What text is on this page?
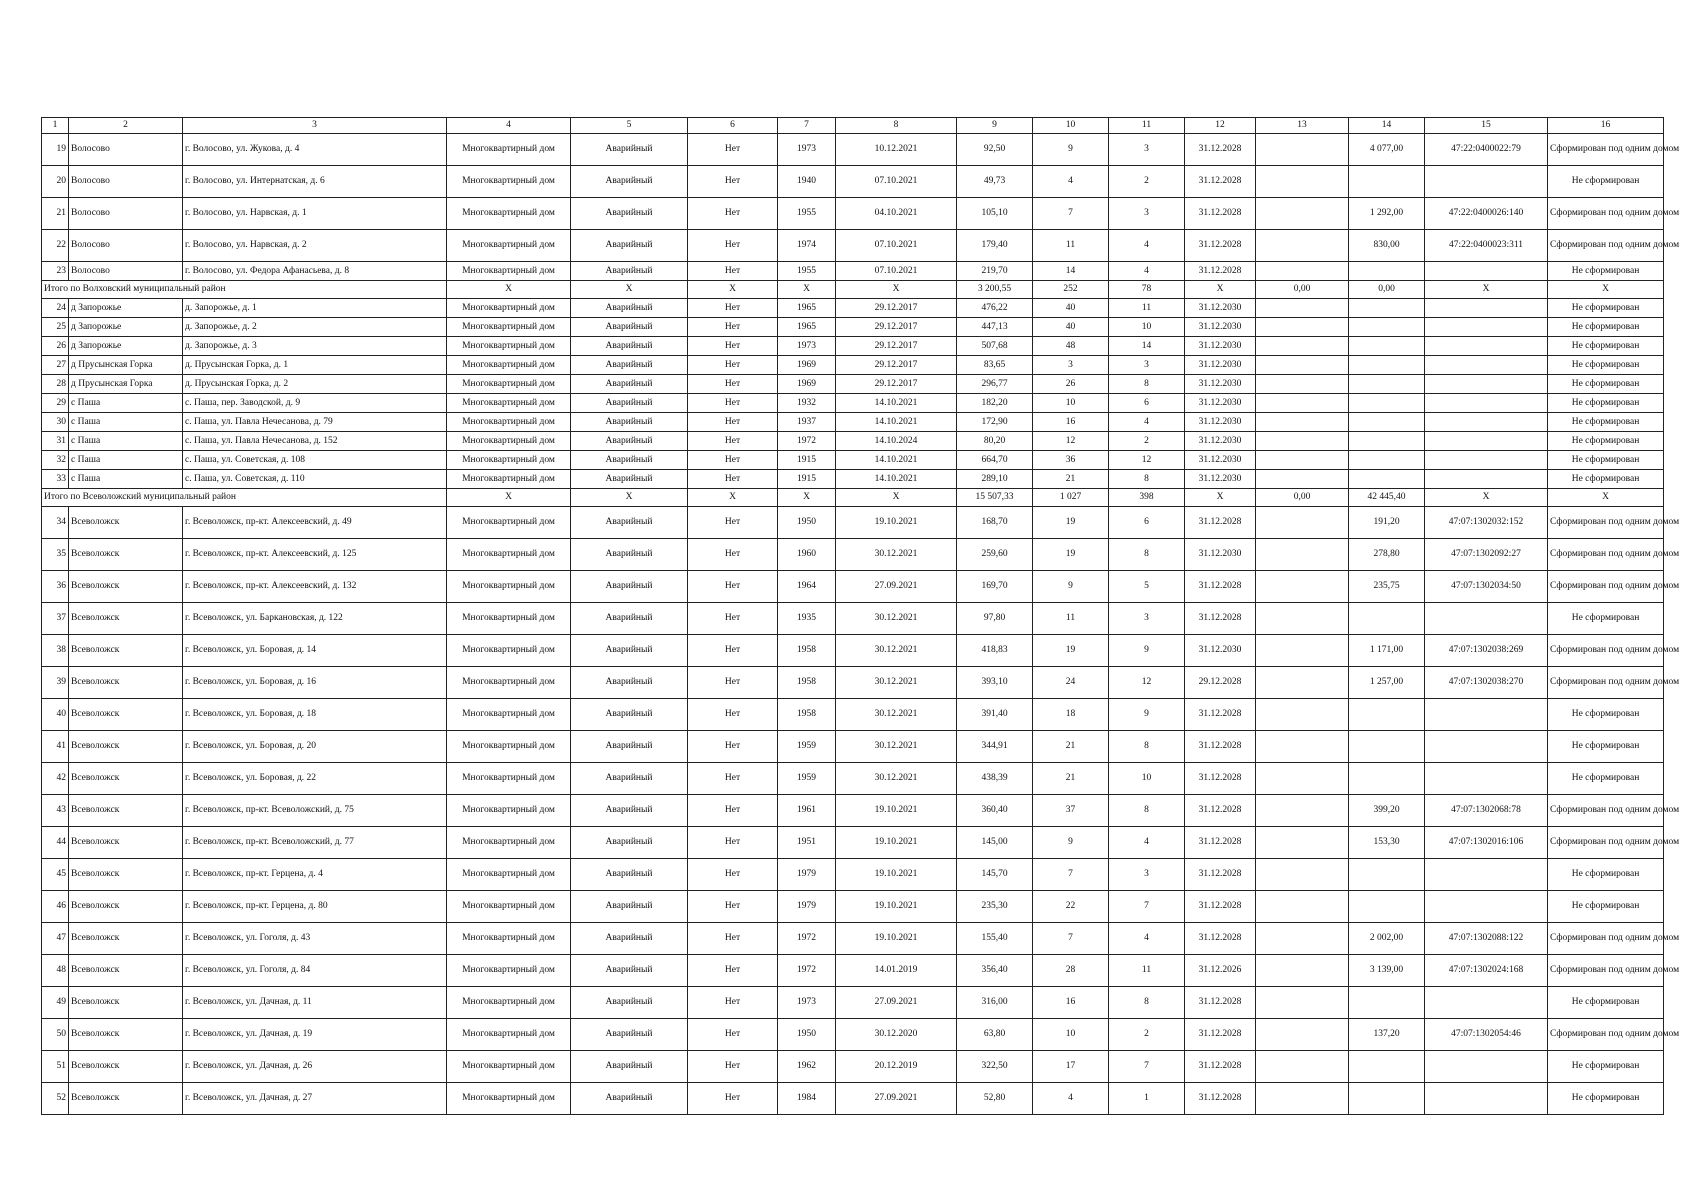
1	2	3	4	5	6	7	8	9	10	11	12	13	14	15	16
19	Волосово	г. Волосово, ул. Жукова, д. 4	Многоквартирный дом	Аварийный	Нет	1973	10.12.2021	92,50	9	3	31.12.2028		4 077,00	47:22:0400022:79	Сформирован под одним домом
20	Волосово	г. Волосово, ул. Интернатская, д. 6	Многоквартирный дом	Аварийный	Нет	1940	07.10.2021	49,73	4	2	31.12.2028				Не сформирован
21	Волосово	г. Волосово, ул. Нарвская, д. 1	Многоквартирный дом	Аварийный	Нет	1955	04.10.2021	105,10	7	3	31.12.2028		1 292,00	47:22:0400026:140	Сформирован под одним домом
22	Волосово	г. Волосово, ул. Нарвская, д. 2	Многоквартирный дом	Аварийный	Нет	1974	07.10.2021	179,40	11	4	31.12.2028		830,00	47:22:0400023:311	Сформирован под одним домом
23	Волосово	г. Волосово, ул. Федора Афанасьева, д. 8	Многоквартирный дом	Аварийный	Нет	1955	07.10.2021	219,70	14	4	31.12.2028				Не сформирован
Итого по Волховский муниципальный район			X	X	X	X	X	3 200,55	252	78	X	0,00	0,00	X	X
24	д Запорожье	д. Запорожье, д. 1	Многоквартирный дом	Аварийный	Нет	1965	29.12.2017	476,22	40	11	31.12.2030				Не сформирован
25	д Запорожье	д. Запорожье, д. 2	Многоквартирный дом	Аварийный	Нет	1965	29.12.2017	447,13	40	10	31.12.2030				Не сформирован
26	д Запорожье	д. Запорожье, д. 3	Многоквартирный дом	Аварийный	Нет	1973	29.12.2017	507,68	48	14	31.12.2030				Не сформирован
27	д Прусынская Горка	д. Прусынская Горка, д. 1	Многоквартирный дом	Аварийный	Нет	1969	29.12.2017	83,65	3	3	31.12.2030				Не сформирован
28	д Прусынская Горка	д. Прусынская Горка, д. 2	Многоквартирный дом	Аварийный	Нет	1969	29.12.2017	296,77	26	8	31.12.2030				Не сформирован
29	с Паша	с. Паша, пер. Заводской, д. 9	Многоквартирный дом	Аварийный	Нет	1932	14.10.2021	182,20	10	6	31.12.2030				Не сформирован
30	с Паша	с. Паша, ул. Павла Нечесанова, д. 79	Многоквартирный дом	Аварийный	Нет	1937	14.10.2021	172,90	16	4	31.12.2030				Не сформирован
31	с Паша	с. Паша, ул. Павла Нечесанова, д. 152	Многоквартирный дом	Аварийный	Нет	1972	14.10.2024	80,20	12	2	31.12.2030				Не сформирован
32	с Паша	с. Паша, ул. Советская, д. 108	Многоквартирный дом	Аварийный	Нет	1915	14.10.2021	664,70	36	12	31.12.2030				Не сформирован
33	с Паша	с. Паша, ул. Советская, д. 110	Многоквартирный дом	Аварийный	Нет	1915	14.10.2021	289,10	21	8	31.12.2030				Не сформирован
Итого по Всеволожский муниципальный район			X	X	X	X	X	15 507,33	1 027	398	X	0,00	42 445,40	X	X
34	Всеволожск	г. Всеволожск, пр-кт. Алексеевский, д. 49	Многоквартирный дом	Аварийный	Нет	1950	19.10.2021	168,70	19	6	31.12.2028		191,20	47:07:1302032:152	Сформирован под одним домом
35	Всеволожск	г. Всеволожск, пр-кт. Алексеевский, д. 125	Многоквартирный дом	Аварийный	Нет	1960	30.12.2021	259,60	19	8	31.12.2030		278,80	47:07:1302092:27	Сформирован под одним домом
36	Всеволожск	г. Всеволожск, пр-кт. Алексеевский, д. 132	Многоквартирный дом	Аварийный	Нет	1964	27.09.2021	169,70	9	5	31.12.2028		235,75	47:07:1302034:50	Сформирован под одним домом
37	Всеволожск	г. Всеволожск, ул. Баркановская, д. 122	Многоквартирный дом	Аварийный	Нет	1935	30.12.2021	97,80	11	3	31.12.2028				Не сформирован
38	Всеволожск	г. Всеволожск, ул. Боровая, д. 14	Многоквартирный дом	Аварийный	Нет	1958	30.12.2021	418,83	19	9	31.12.2030		1 171,00	47:07:1302038:269	Сформирован под одним домом
39	Всеволожск	г. Всеволожск, ул. Боровая, д. 16	Многоквартирный дом	Аварийный	Нет	1958	30.12.2021	393,10	24	12	29.12.2028		1 257,00	47:07:1302038:270	Сформирован под одним домом
40	Всеволожск	г. Всеволожск, ул. Боровая, д. 18	Многоквартирный дом	Аварийный	Нет	1958	30.12.2021	391,40	18	9	31.12.2028				Не сформирован
41	Всеволожск	г. Всеволожск, ул. Боровая, д. 20	Многоквартирный дом	Аварийный	Нет	1959	30.12.2021	344,91	21	8	31.12.2028				Не сформирован
42	Всеволожск	г. Всеволожск, ул. Боровая, д. 22	Многоквартирный дом	Аварийный	Нет	1959	30.12.2021	438,39	21	10	31.12.2028				Не сформирован
43	Всеволожск	г. Всеволожск, пр-кт. Всеволожский, д. 75	Многоквартирный дом	Аварийный	Нет	1961	19.10.2021	360,40	37	8	31.12.2028		399,20	47:07:1302068:78	Сформирован под одним домом
44	Всеволожск	г. Всеволожск, пр-кт. Всеволожский, д. 77	Многоквартирный дом	Аварийный	Нет	1951	19.10.2021	145,00	9	4	31.12.2028		153,30	47:07:1302016:106	Сформирован под одним домом
45	Всеволожск	г. Всеволожск, пр-кт. Герцена, д. 4	Многоквартирный дом	Аварийный	Нет	1979	19.10.2021	145,70	7	3	31.12.2028				Не сформирован
46	Всеволожск	г. Всеволожск, пр-кт. Герцена, д. 80	Многоквартирный дом	Аварийный	Нет	1979	19.10.2021	235,30	22	7	31.12.2028				Не сформирован
47	Всеволожск	г. Всеволожск, ул. Гоголя, д. 43	Многоквартирный дом	Аварийный	Нет	1972	19.10.2021	155,40	7	4	31.12.2028		2 002,00	47:07:1302088:122	Сформирован под одним домом
48	Всеволожск	г. Всеволожск, ул. Гоголя, д. 84	Многоквартирный дом	Аварийный	Нет	1972	14.01.2019	356,40	28	11	31.12.2026		3 139,00	47:07:1302024:168	Сформирован под одним домом
49	Всеволожск	г. Всеволожск, ул. Дачная, д. 11	Многоквартирный дом	Аварийный	Нет	1973	27.09.2021	316,00	16	8	31.12.2028				Не сформирован
50	Всеволожск	г. Всеволожск, ул. Дачная, д. 19	Многоквартирный дом	Аварийный	Нет	1950	30.12.2020	63,80	10	2	31.12.2028		137,20	47:07:1302054:46	Сформирован под одним домом
51	Всеволожск	г. Всеволожск, ул. Дачная, д. 26	Многоквартирный дом	Аварийный	Нет	1962	20.12.2019	322,50	17	7	31.12.2028				Не сформирован
52	Всеволожск	г. Всеволожск, ул. Дачная, д. 27	Многоквартирный дом	Аварийный	Нет	1984	27.09.2021	52,80	4	1	31.12.2028				Не сформирован
